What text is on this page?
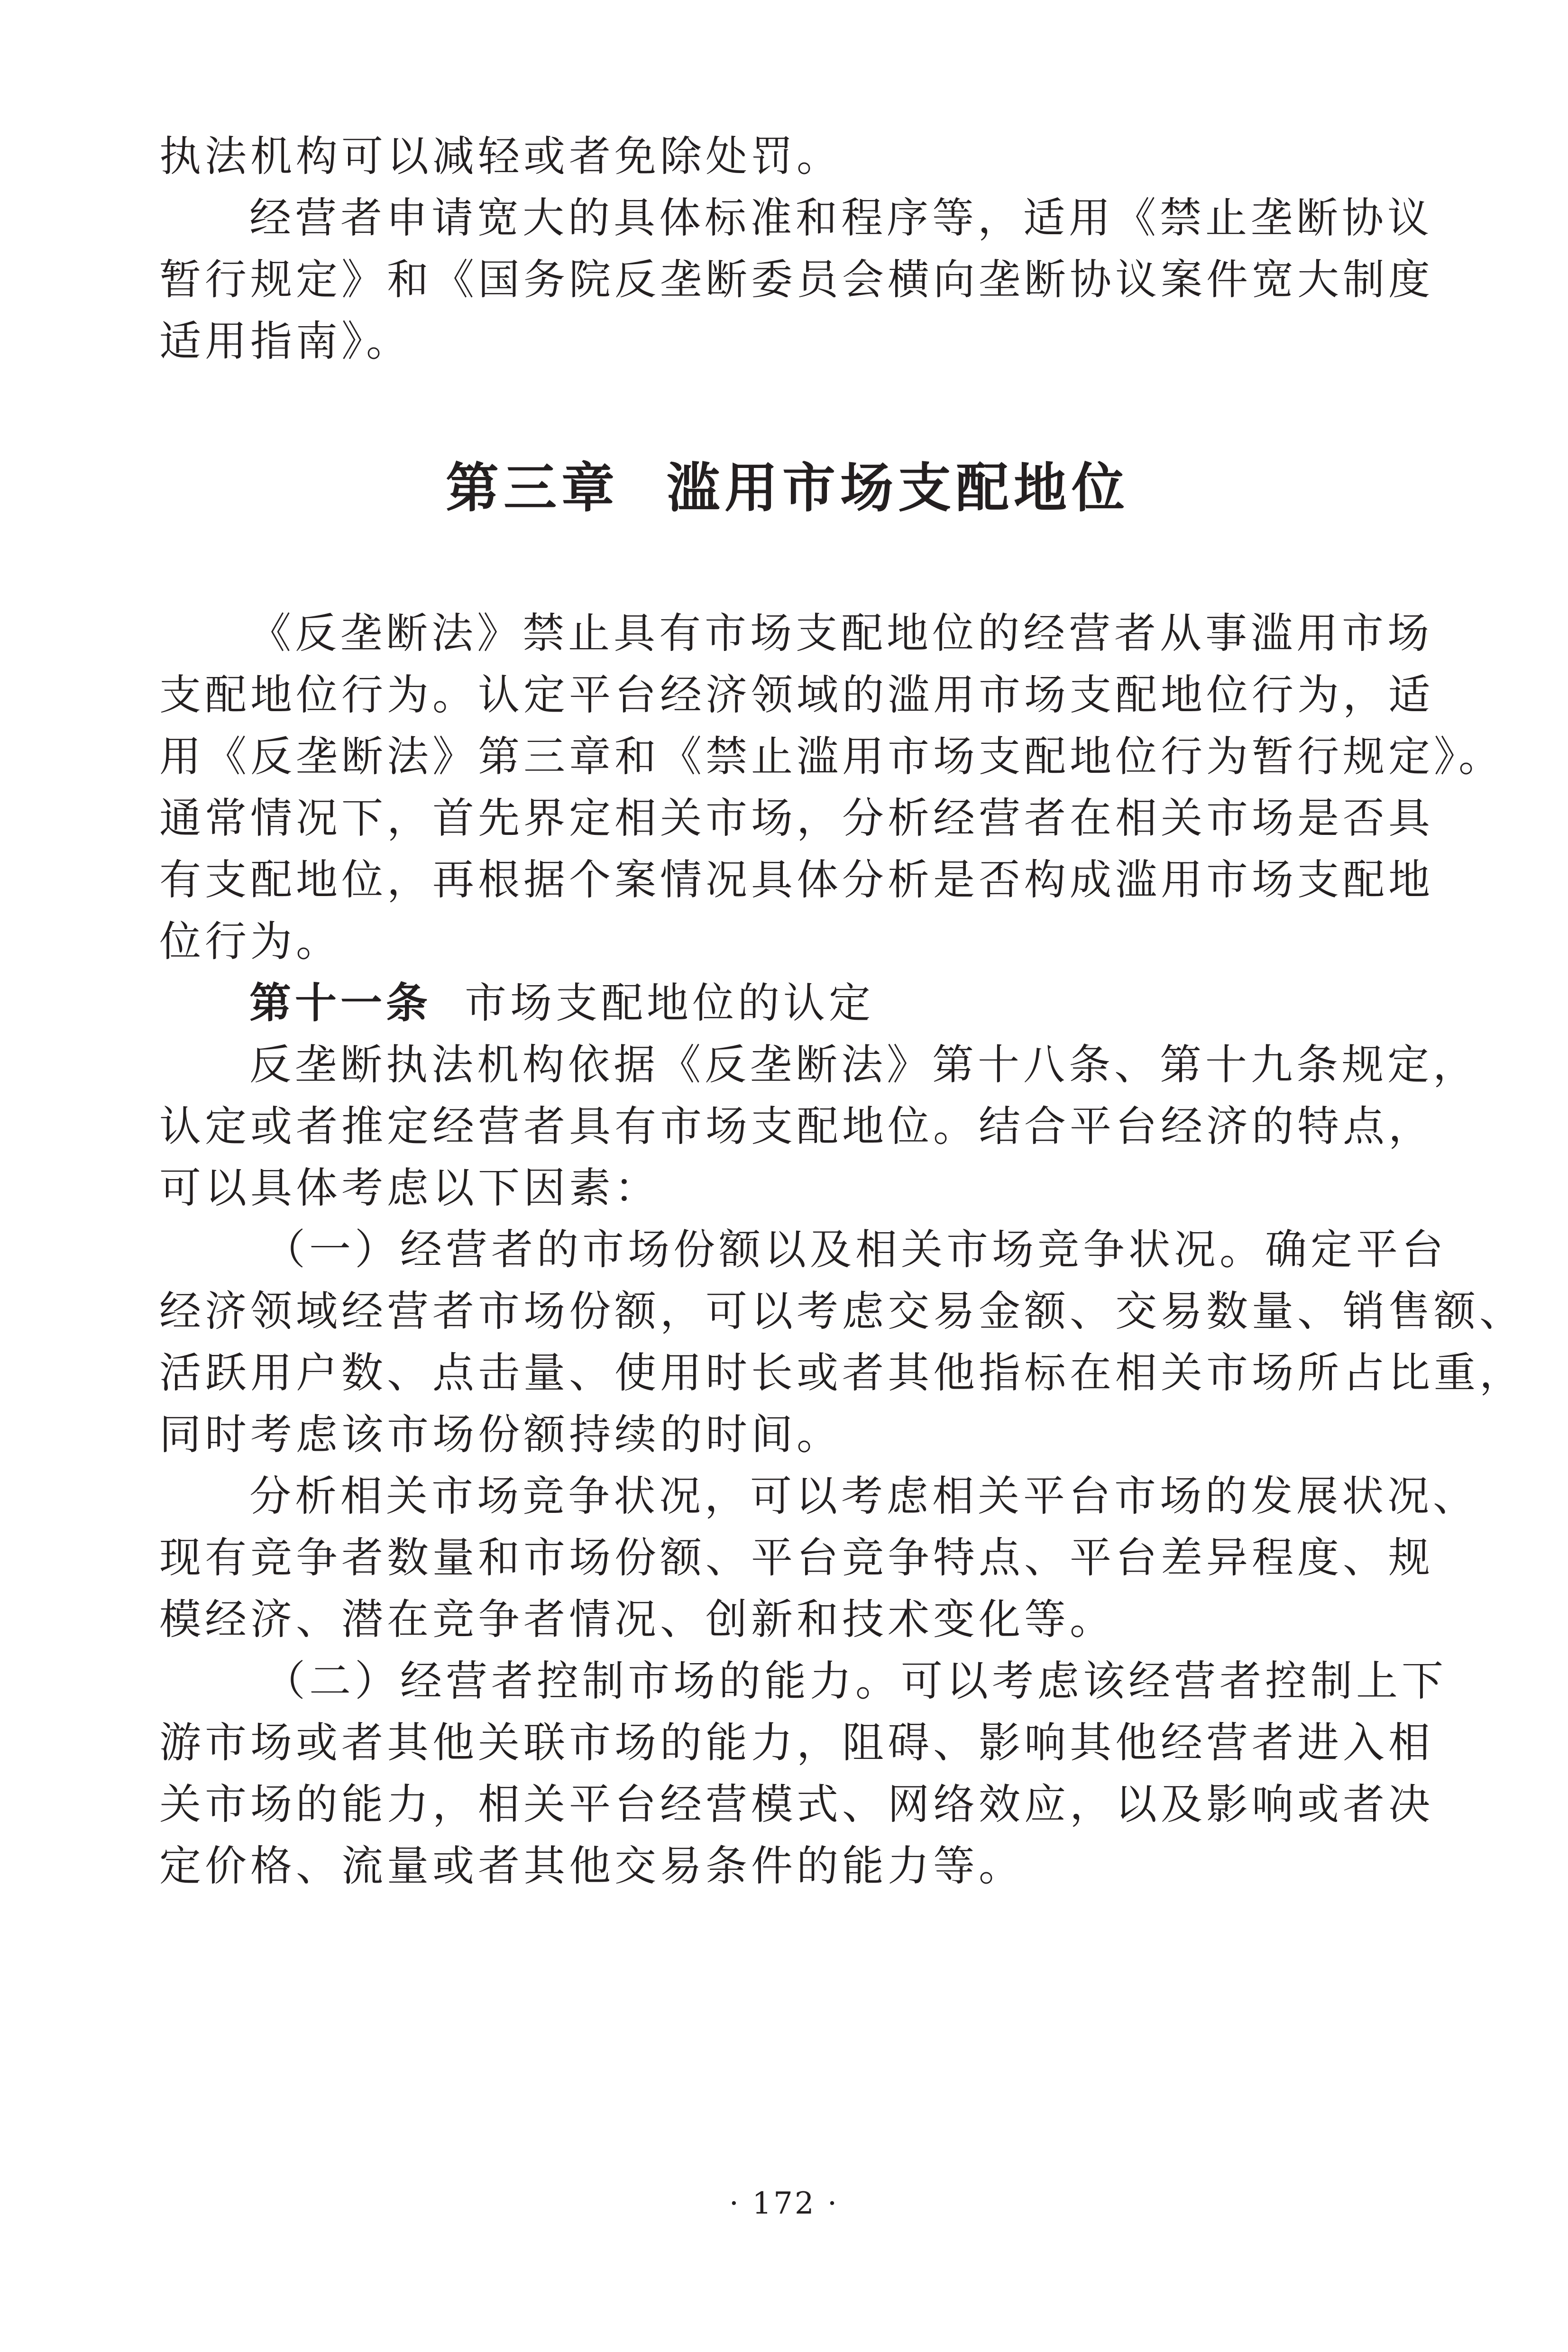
执法机构可以减轻或者免除处罚。
经营者申请宽大的具体标准和程序等，适用《禁止垄断协议
暂行规定》和《国务院反垄断委员会横向垄断协议案件宽大制度
适用指南》。
第三章 滥用市场支配地位
《反垄断法》禁止具有市场支配地位的经营者从事滥用市场
支配地位行为。认定平台经济领域的滥用市场支配地位行为，适
用《反垄断法》第三章和《禁止滥用市场支配地位行为暂行规定》。
通常情况下，首先界定相关市场，分析经营者在相关市场是否具
有支配地位，再根据个案情况具体分析是否构成滥用市场支配地
位行为。
第十一条 市场支配地位的认定
反垄断执法机构依据《反垄断法》第十八条、第十九条规定，
认定或者推定经营者具有市场支配地位。结合平台经济的特点，
可以具体考虑以下因素：
（一）经营者的市场份额以及相关市场竞争状况。确定平台
经济领域经营者市场份额，可以考虑交易金额、交易数量、销售额、
活跃用户数、点击量、使用时长或者其他指标在相关市场所占比重，
同时考虑该市场份额持续的时间。
分析相关市场竞争状况，可以考虑相关平台市场的发展状况、
现有竞争者数量和市场份额、平台竞争特点、平台差异程度、规
模经济、潜在竞争者情况、创新和技术变化等。
（二）经营者控制市场的能力。可以考虑该经营者控制上下
游市场或者其他关联市场的能力，阻碍、影响其他经营者进入相
关市场的能力，相关平台经营模式、网络效应，以及影响或者决
定价格、流量或者其他交易条件的能力等。
· 172 ·
